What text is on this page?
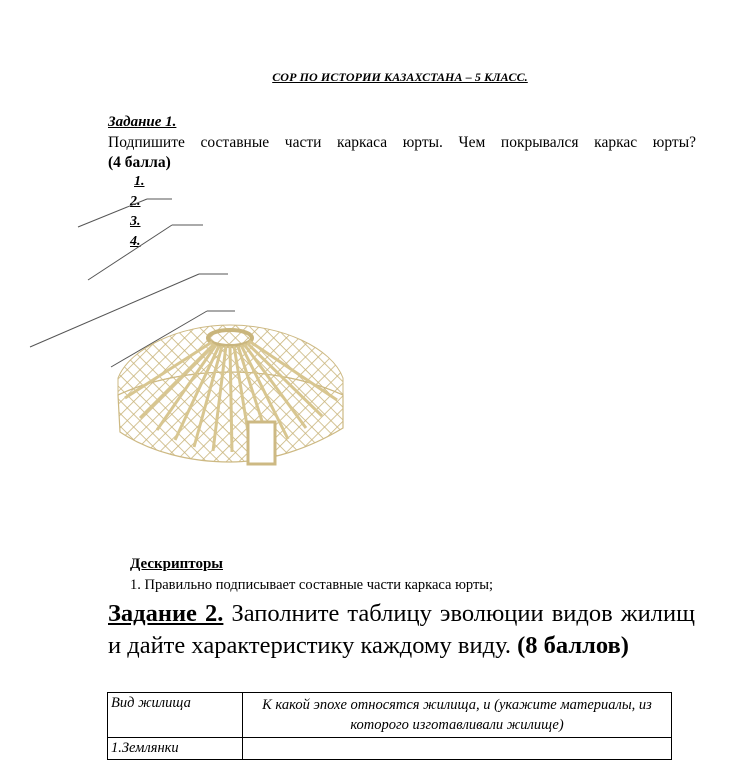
СОР ПО ИСТОРИИ КАЗАХСТАНА – 5 КЛАСС.
Задание 1.
Подпишите составные части каркаса юрты. Чем покрывался каркас юрты?
(4 балла)
1.
2.
3.
4.
Дескрипторы
1. Правильно подписывает составные части каркаса юрты;
Задание 2. Заполните таблицу эволюции видов жилищ и дайте характеристику каждому виду. (8 баллов)
Вид жилища	К какой эпохе относятся жилища, и (укажите материалы, из которого изготавливали жилище)
1.Землянки	
